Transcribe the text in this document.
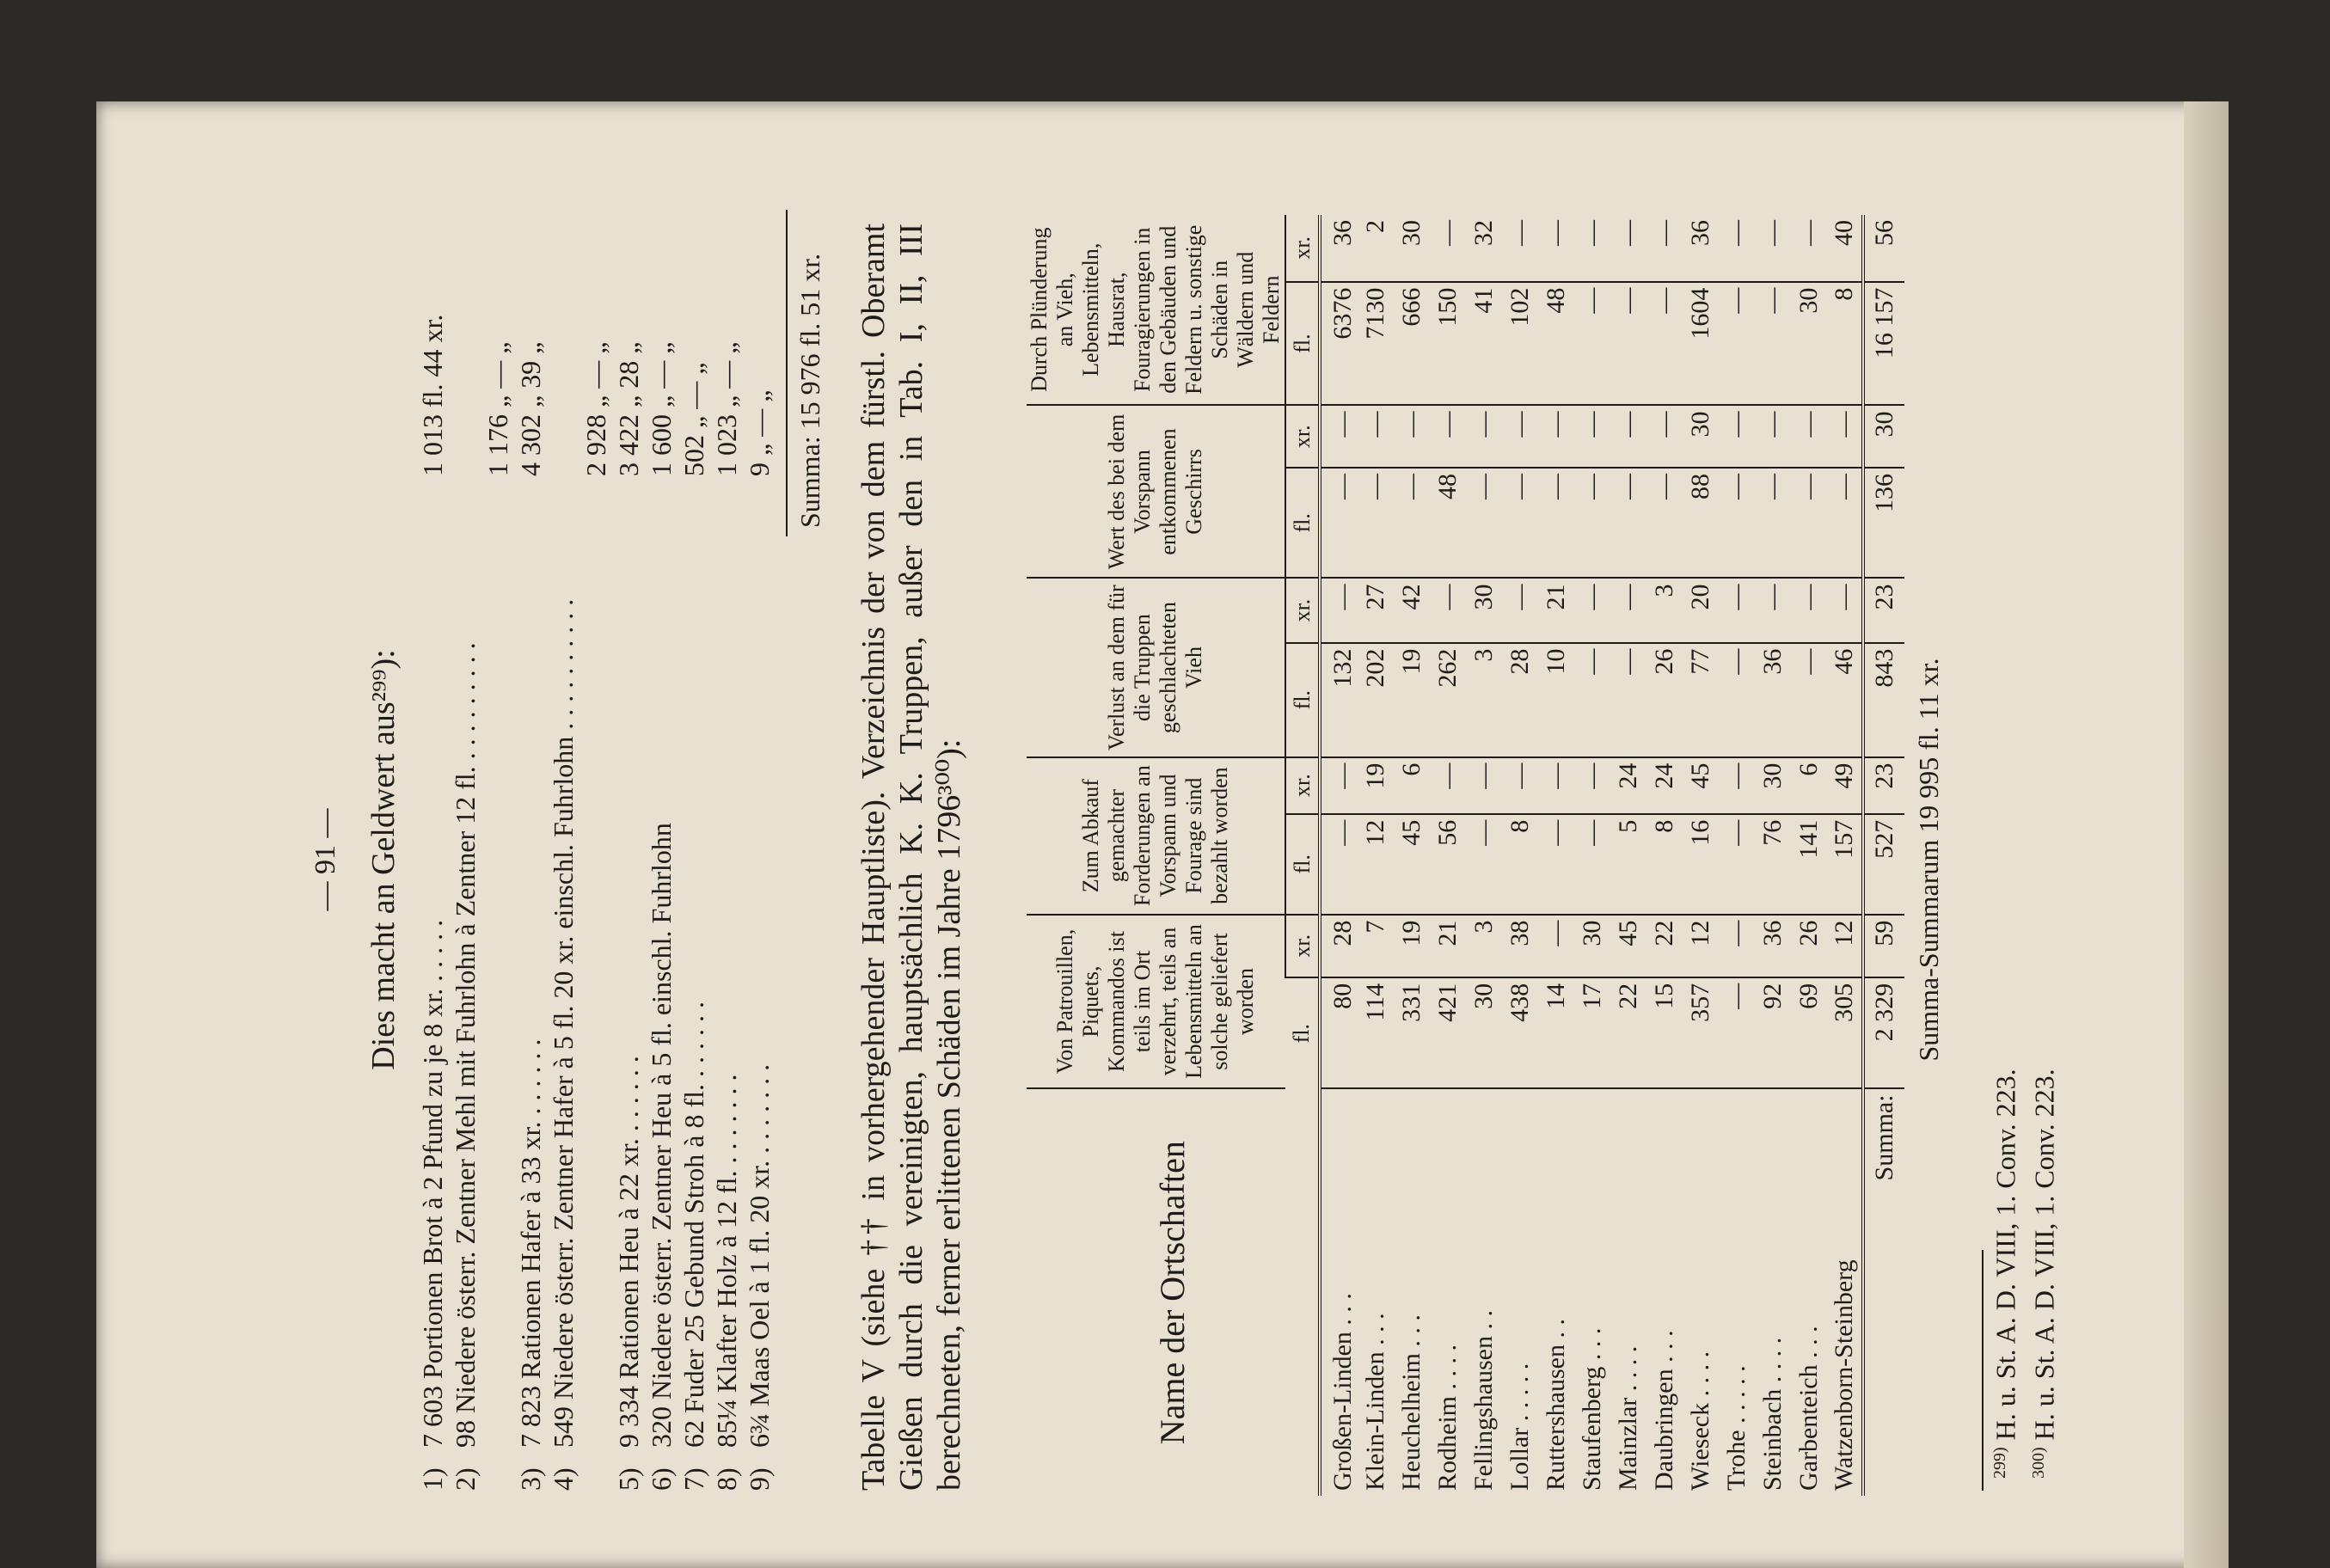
— 91 — Dies macht an Geldwert aus²⁹⁹):
1)
7 603 Portionen Brot à 2 Pfund zu je 8 xr. . . . . .
1 013 fl. 44 xr.
2)
98 Niedere österr. Zentner Mehl mit Fuhrlohn à Zentner 12 fl. . . . . . . . . .
1 176 „ — „
3)
7 823 Rationen Hafer à 33 xr. . . . . . .
4 302 „ 39 „
4)
549 Niedere österr. Zentner Hafer à 5 fl. 20 xr. einschl. Fuhrlohn . . . . . . . . . .
2 928 „ — „
5)
9 334 Rationen Heu à 22 xr. . . . . . .
3 422 „ 28 „
6)
320 Niedere österr. Zentner Heu à 5 fl. einschl. Fuhrlohn
1 600 „ — „
7)
62 Fuder 25 Gebund Stroh à 8 fl. . . . . . .
502 „ — „
8)
85¼ Klafter Holz à 12 fl. . . . . . . .
1 023 „ — „
9)
6¾ Maas Oel à 1 fl. 20 xr. . . . . . . .
9 „ — „ Summa: 15 976 fl. 51 xr. Tabelle V (siehe †† in vorhergehender Hauptliste). Verzeichnis der von dem fürstl. Oberamt Gießen durch die vereinigten, hauptsächlich K. K. Truppen, außer den in Tab. I, II, III berechneten, ferner erlittenen Schäden im Jahre 1796³⁰⁰):	Name der Ortschaften	Von Patrouillen, Piquets, Kommandos ist teils im Ort verzehrt, teils an Lebensmitteln an solche geliefert worden		Zum Abkauf gemachter Forderungen an Vorspann und Fourage sind bezahlt worden		Verlust an dem für die Truppen geschlachteten Vieh		Wert des bei dem Vorspann entkommenen Geschirrs		Durch Plünderung an Vieh, Lebensmitteln, Hausrat, Fouragierungen in den Gebäuden und Feldern u. sonstige Schäden in Wäldern und Feldern	
	fl.	xr.	fl.	xr.	fl.	xr.	fl.	xr.	fl.	xr.
Großen-Linden . . .	80	28	—	—	132	—	—	—	6376	36
Klein-Linden . . .	114	7	12	19	202	27	—	—	7130	2
Heuchelheim . . .	331	19	45	6	19	42	—	—	666	30
Rodheim . . . .	421	21	56	—	262	—	48	—	150	—
Fellingshausen . .	30	3	—	—	3	30	—	—	41	32
Lollar . . . . .	438	38	8	—	28	—	—	—	102	—
Ruttershausen . .	14	—	—	—	10	21	—	—	48	—
Staufenberg . . .	17	30	—	—	—	—	—	—	—	—
Mainzlar . . . .	22	45	5	24	—	—	—	—	—	—
Daubringen . . .	15	22	8	24	26	3	—	—	—	—
Wieseck . . . .	357	12	16	45	77	20	88	30	1604	36
Trohe . . . . .	—	—	—	—	—	—	—	—	—	—
Steinbach . . . .	92	36	76	30	36	—	—	—	—	—
Garbenteich . . .	69	26	141	6	—	—	—	—	30	—
Watzenborn-Steinberg	305	12	157	49	46	—	—	—	8	40
Summa:	2 329	59	527	23	843	23	136	30	16 157	56
Summa-Summarum 19 995 fl. 11 xr.
$^{299)}$ H. u. St. A. D. VIII, 1. Conv. 223.
$^{300)}$ H. u. St. A. D. VIII, 1. Conv. 223.
